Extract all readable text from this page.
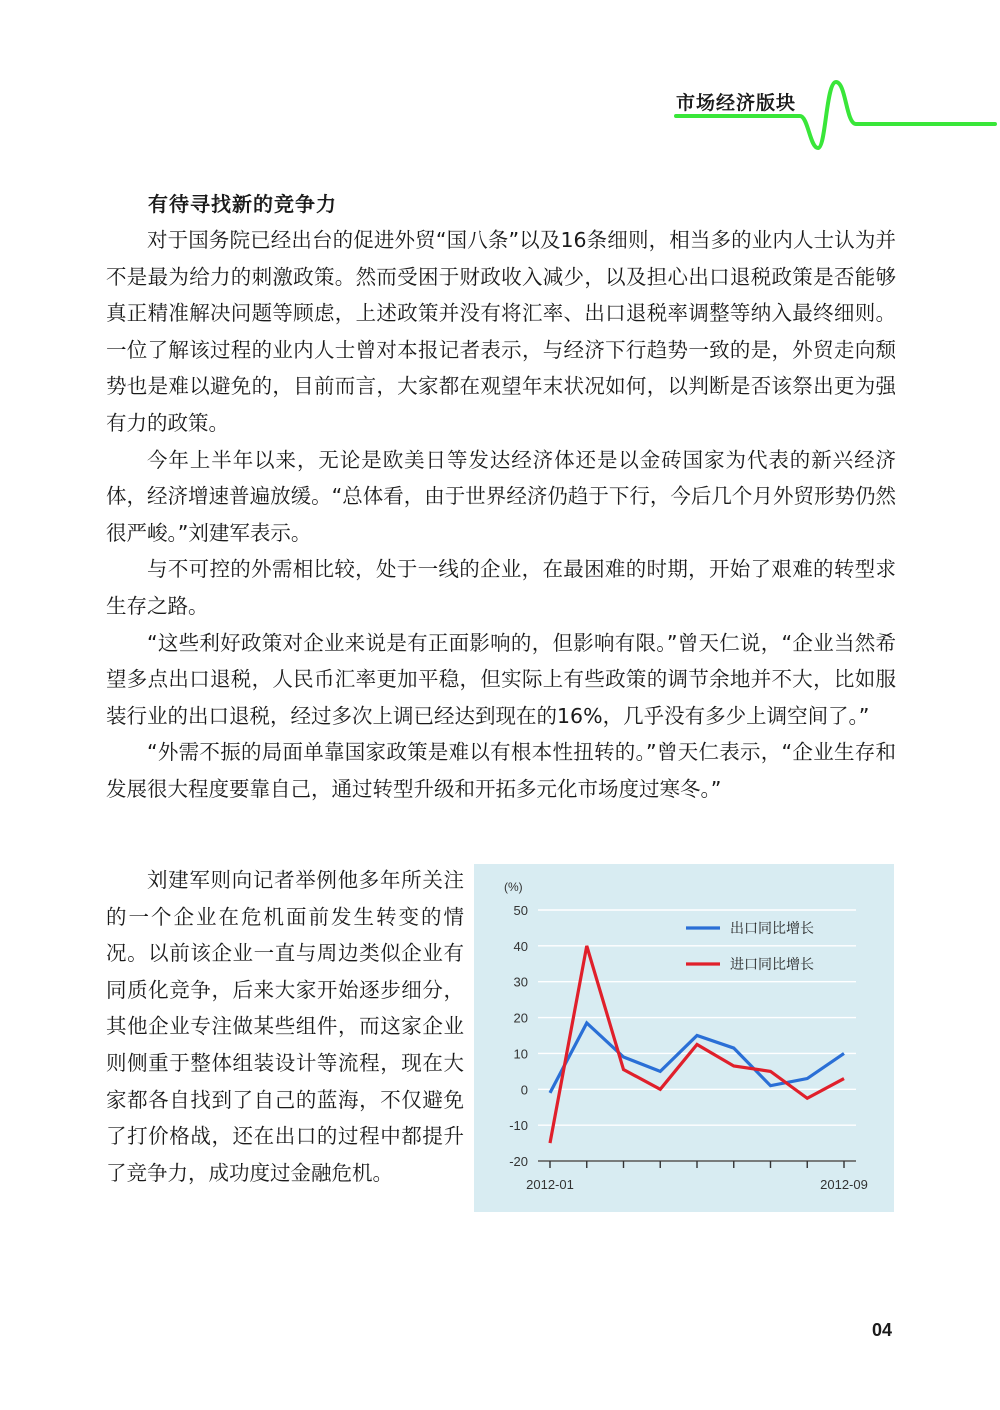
市场经济版块
有待寻找新的竞争力

对于国务院已经出台的促进外贸“国八条”以及16条细则，相当多的业内人士认为并不是最为给力的刺激政策。然而受困于财政收入减少，以及担心出口退税政策是否能够真正精准解决问题等顾虑，上述政策并没有将汇率、出口退税率调整等纳入最终细则。一位了解该过程的业内人士曾对本报记者表示，与经济下行趋势一致的是，外贸走向颓势也是难以避免的，目前而言，大家都在观望年末状况如何，以判断是否该祭出更为强有力的政策。

今年上半年以来，无论是欧美日等发达经济体还是以金砖国家为代表的新兴经济体，经济增速普遍放缓。“总体看，由于世界经济仍趋于下行，今后几个月外贸形势仍然很严峻。”刘建军表示。

与不可控的外需相比较，处于一线的企业，在最困难的时期，开始了艰难的转型求生存之路。

“这些利好政策对企业来说是有正面影响的，但影响有限。”曾天仁说，“企业当然希望多点出口退税，人民币汇率更加平稳，但实际上有些政策的调节余地并不大，比如服装行业的出口退税，经过多次上调已经达到现在的16%，几乎没有多少上调空间了。”

“外需不振的局面单靠国家政策是难以有根本性扭转的。”曾天仁表示，“企业生存和发展很大程度要靠自己，通过转型升级和开拓多元化市场度过寒冬。”

刘建军则向记者举例他多年所关注的一个企业在危机面前发生转变的情况。以前该企业一直与周边类似企业有同质化竞争，后来大家开始逐步细分，其他企业专注做某些组件，而这家企业则侧重于整体组装设计等流程，现在大家都各自找到了自己的蓝海，不仅避免了打价格战，还在出口的过程中都提升了竞争力，成功度过金融危机。

50
40
30
20
10
0
-10
-20
(%)
2012-01	2012-09
出口同比增长
进口同比增长
04
